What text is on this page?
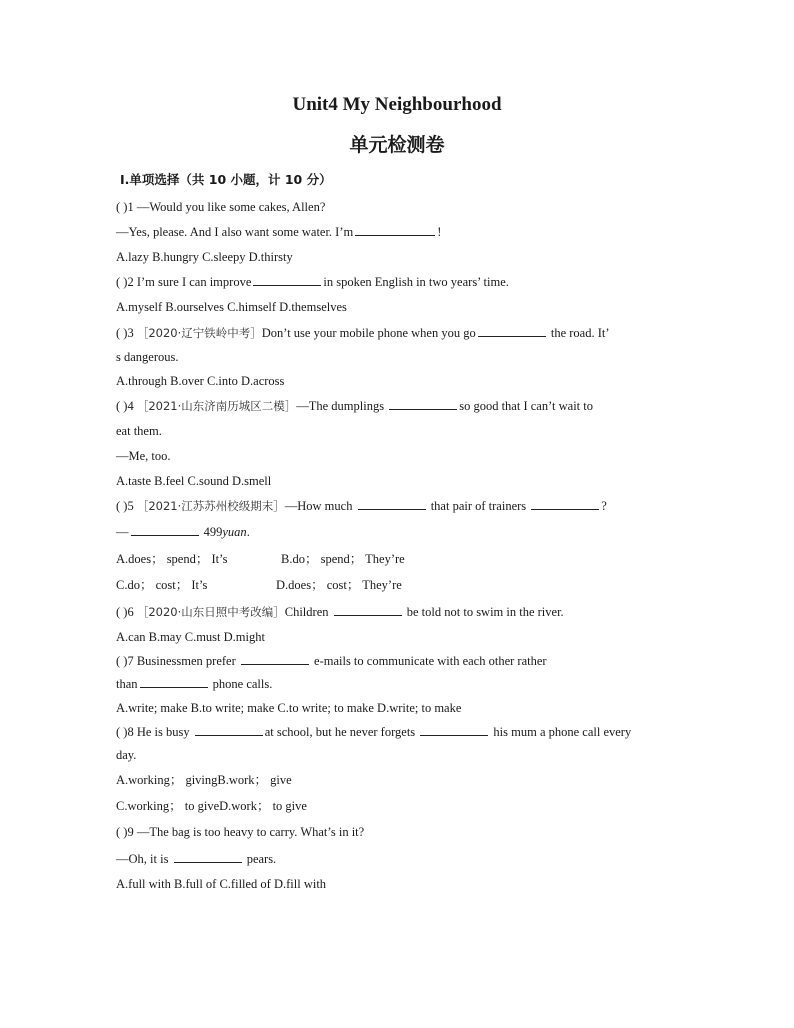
Unit4 My Neighbourhood
单元检测卷
Ⅰ.单项选择（共 10 小题，计 10 分）
( )1 —Would you like some cakes, Allen?
—Yes, please. And I also want some water. I’m	!
A.lazy B.hungry C.sleepy D.thirsty
( )2 I’m sure I can improve	in spoken English in two years’ time.
A.myself B.ourselves C.himself D.themselves
( )3 ［2020·辽宁铁岭中考］Don’t use your mobile phone when you go	the road. It’
s dangerous.
A.through B.over C.into D.across
( )4 ［2021·山东济南历城区二模］—The dumplings	so good that I can’t wait to
eat them.
—Me, too.
A.taste B.feel C.sound D.smell
( )5 ［2021·江苏苏州校级期末］—How much	that pair of trainers	?
—	499yuan.
A.does； spend； It’s	B.do； spend； They’re
C.do； cost； It’s	D.does； cost； They’re
( )6 ［2020·山东日照中考改编］Children	be told not to swim in the river.
A.can B.may C.must D.might
( )7 Businessmen prefer	e-mails to communicate with each other rather
than	phone calls.
A.write; make B.to write; make C.to write; to make D.write; to make
( )8 He is busy	at school, but he never forgets	his mum a phone call every
day.
A.working； givingB.work； give
C.working； to giveD.work； to give
( )9 —The bag is too heavy to carry. What’s in it?
—Oh, it is	pears.
A.full with B.full of C.filled of D.fill with
